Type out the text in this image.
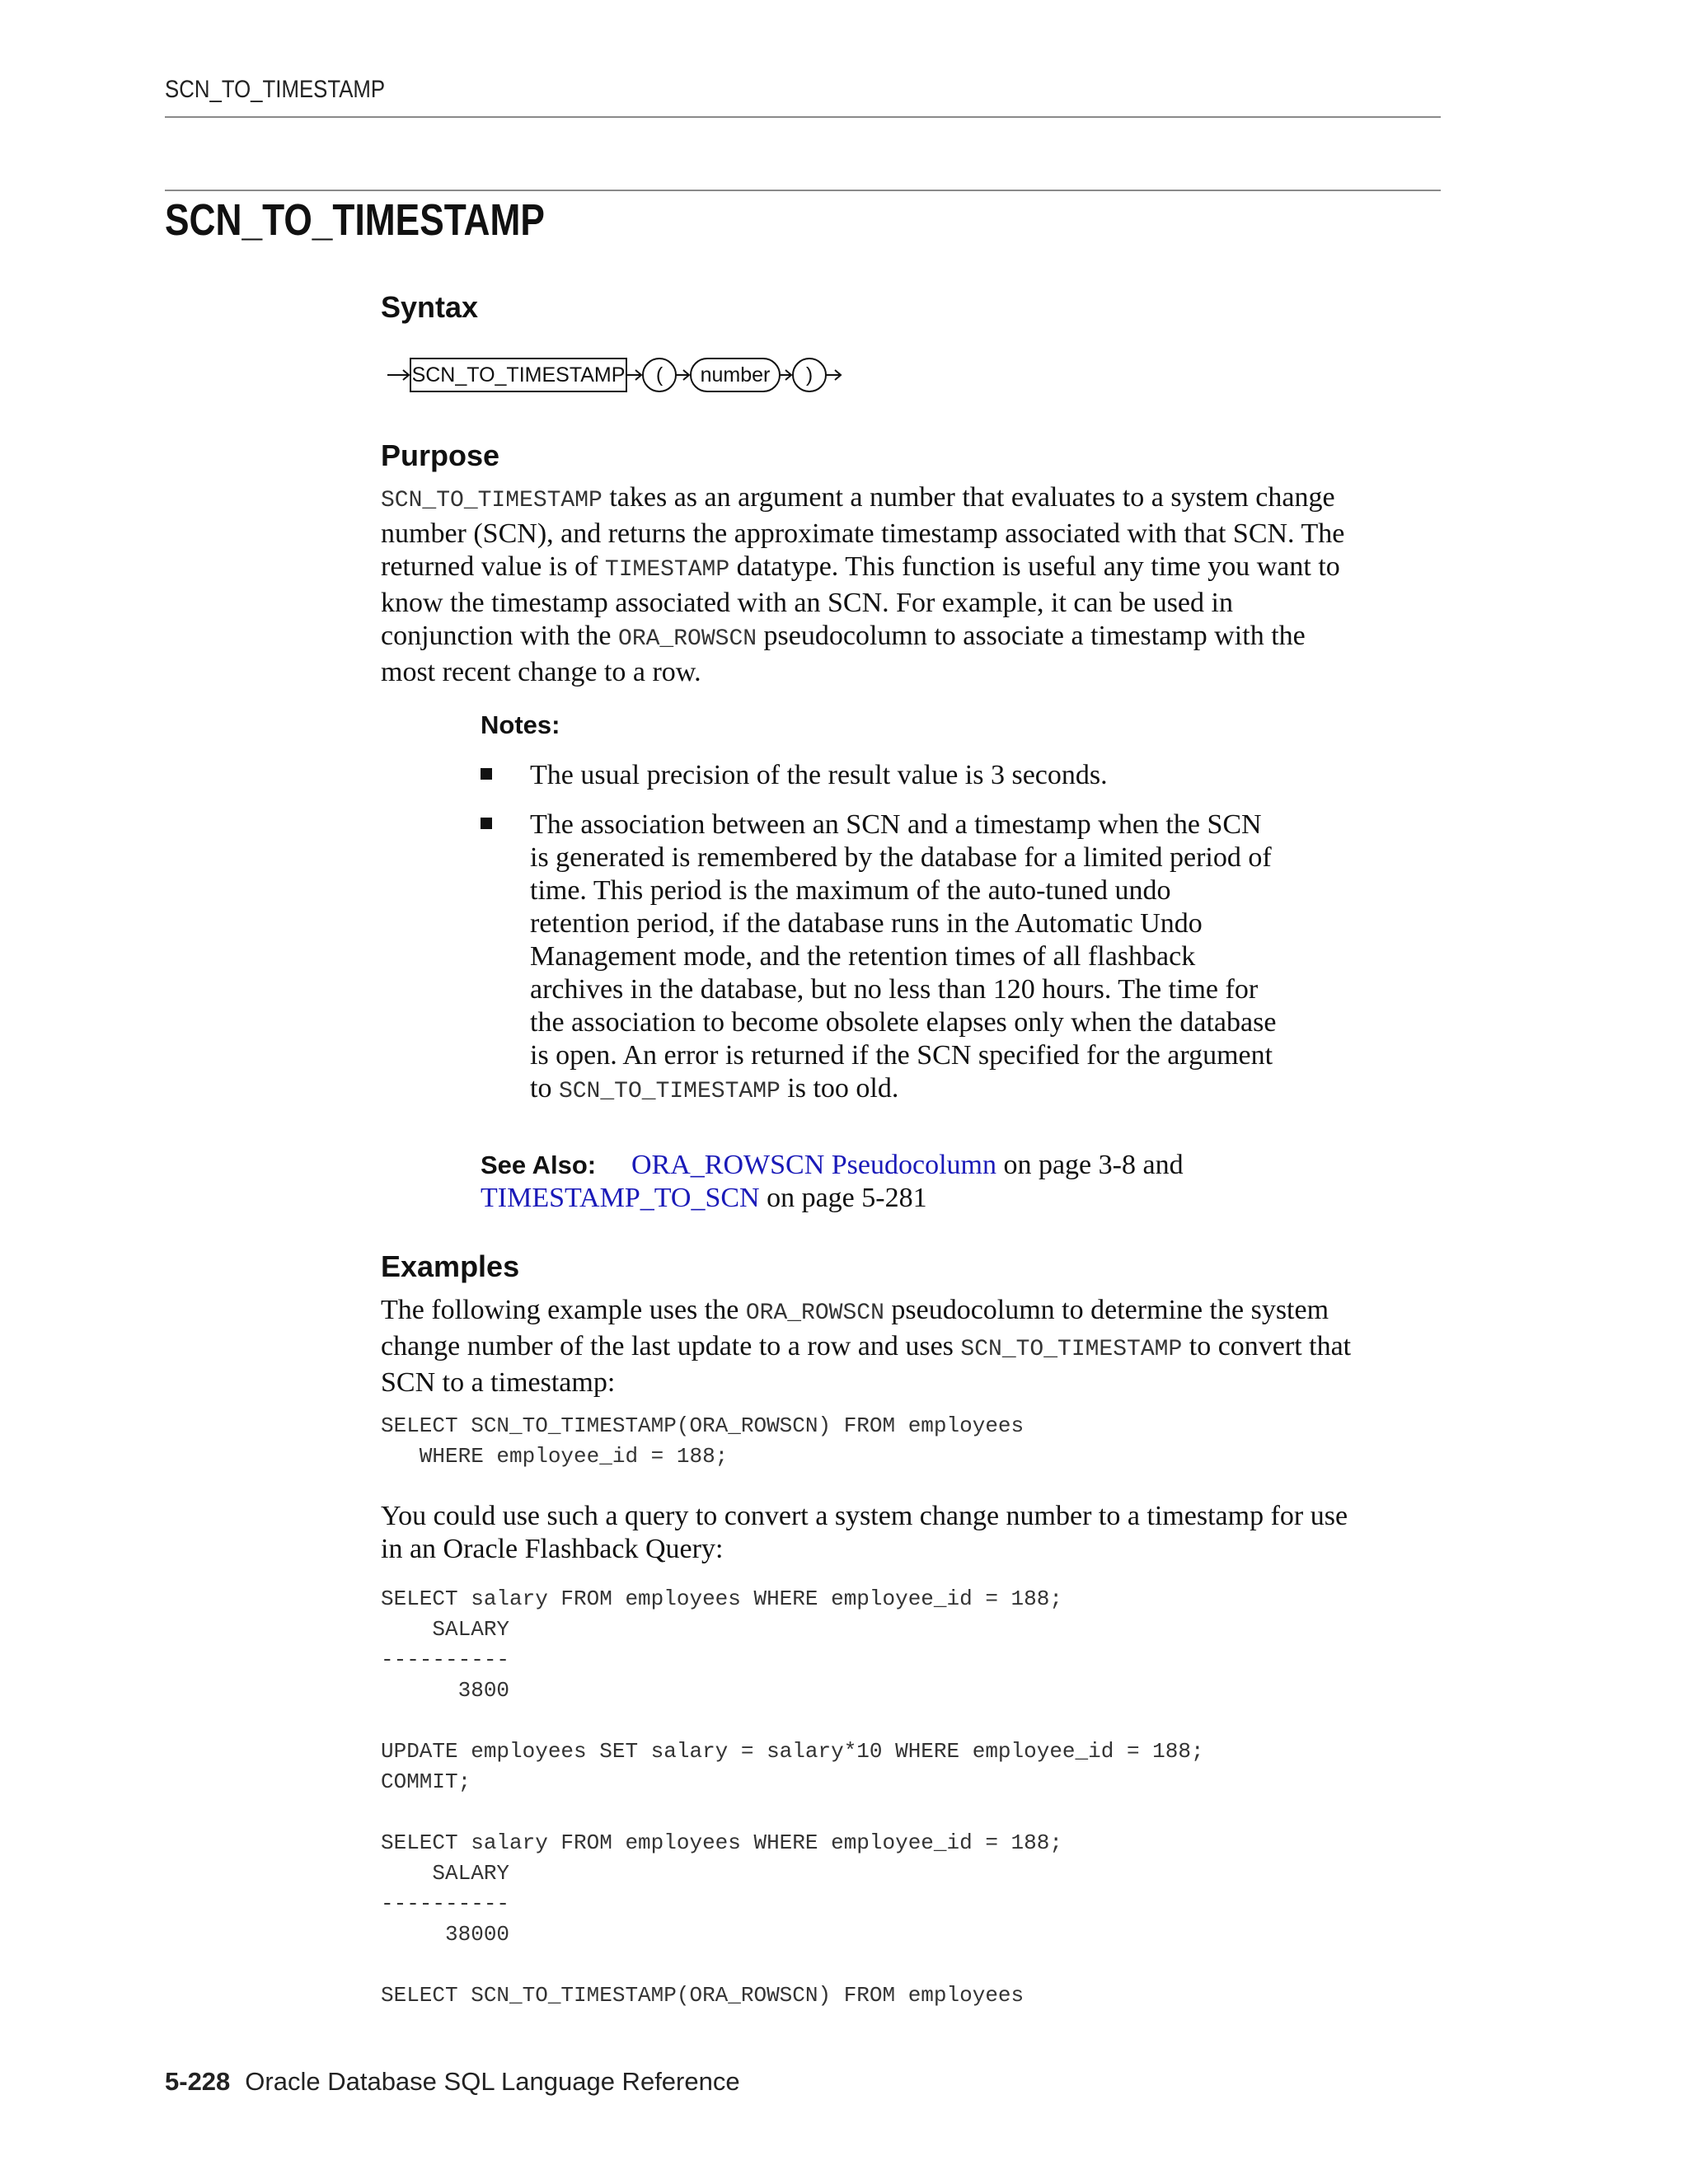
SCN_TO_TIMESTAMP
SCN_TO_TIMESTAMP
Syntax
SCN_TO_TIMESTAMP ( number )
Purpose
SCN_TO_TIMESTAMP takes as an argument a number that evaluates to a system change
number (SCN), and returns the approximate timestamp associated with that SCN. The
returned value is of TIMESTAMP datatype. This function is useful any time you want to
know the timestamp associated with an SCN. For example, it can be used in
conjunction with the ORA_ROWSCN pseudocolumn to associate a timestamp with the
most recent change to a row.
Notes:
The usual precision of the result value is 3 seconds.
The association between an SCN and a timestamp when the SCN
is generated is remembered by the database for a limited period of
time. This period is the maximum of the auto-tuned undo
retention period, if the database runs in the Automatic Undo
Management mode, and the retention times of all flashback
archives in the database, but no less than 120 hours. The time for
the association to become obsolete elapses only when the database
is open. An error is returned if the SCN specified for the argument
to SCN_TO_TIMESTAMP is too old.
See Also: ORA_ROWSCN Pseudocolumn on page 3-8 and
TIMESTAMP_TO_SCN on page 5-281
Examples
The following example uses the ORA_ROWSCN pseudocolumn to determine the system
change number of the last update to a row and uses SCN_TO_TIMESTAMP to convert that
SCN to a timestamp:
SELECT SCN_TO_TIMESTAMP(ORA_ROWSCN) FROM employees
WHERE employee_id = 188;
You could use such a query to convert a system change number to a timestamp for use
in an Oracle Flashback Query:
SELECT salary FROM employees WHERE employee_id = 188;
SALARY
----------
3800

UPDATE employees SET salary = salary*10 WHERE employee_id = 188;
COMMIT;

SELECT salary FROM employees WHERE employee_id = 188;
SALARY
----------
38000

SELECT SCN_TO_TIMESTAMP(ORA_ROWSCN) FROM employees
5-228 Oracle Database SQL Language Reference
